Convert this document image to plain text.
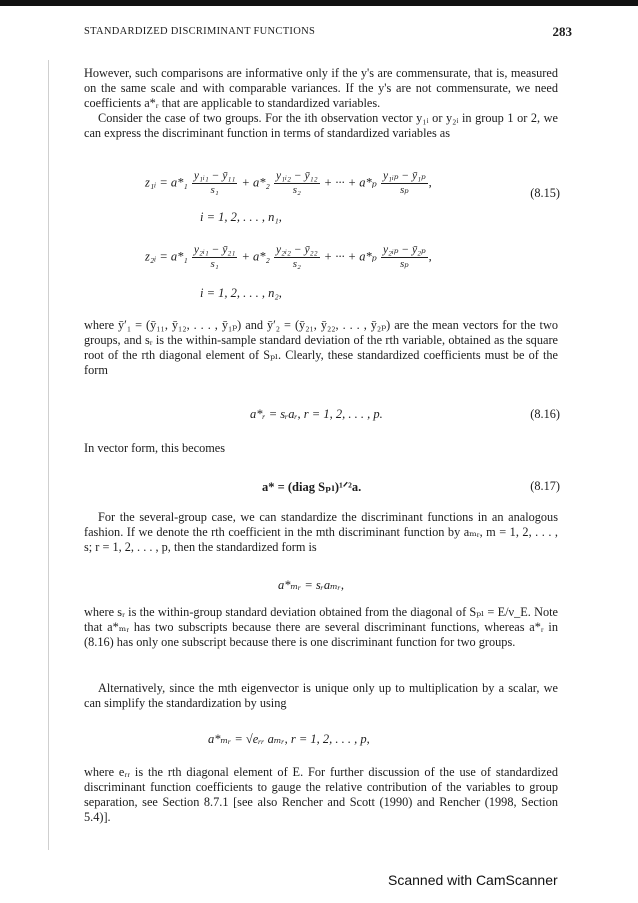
STANDARDIZED DISCRIMINANT FUNCTIONS	283
However, such comparisons are informative only if the y's are commensurate, that is, measured on the same scale and with comparable variances. If the y's are not commensurate, we need coefficients a*ᵣ that are applicable to standardized variables.
Consider the case of two groups. For the ith observation vector y₁ᵢ or y₂ᵢ in group 1 or 2, we can express the discriminant function in terms of standardized variables as
z₁ᵢ = $a*_1 \frac{\text{y₁ᵢ₁ − ȳ₁₁}}{\text{s₁}} + a*_2 \frac{\text{y₁ᵢ₂ − ȳ₁₂}}{\text{s₂}}$ + ··· + $a*_p \frac{\text{y₁ᵢₚ − ȳ₁ₚ}}{\text{sₚ}}$ ,
(8.15)
i = 1, 2, . . . , n₁,
z₂ᵢ = $a*_1 \frac{\text{y₂ᵢ₁ − ȳ₂₁}}{\text{s₁}} + a*_2 \frac{\text{y₂ᵢ₂ − ȳ₂₂}}{\text{s₂}}$ + ··· + $a*_p \frac{\text{y₂ᵢₚ − ȳ₂ₚ}}{\text{sₚ}}$ ,
i = 1, 2, . . . , n₂,
where ȳ′₁ = (ȳ₁₁, ȳ₁₂, . . . , ȳ₁ₚ) and ȳ′₂ = (ȳ₂₁, ȳ₂₂, . . . , ȳ₂ₚ) are the mean vectors for the two groups, and sᵣ is the within-sample standard deviation of the rth variable, obtained as the square root of the rth diagonal element of Sₚₗ. Clearly, these standardized coefficients must be of the form
a*ᵣ = sᵣaᵣ, r = 1, 2, . . . , p.	(8.16)
In vector form, this becomes
a* = (diag Sₚₗ)¹ᐟ²a.	(8.17)
For the several-group case, we can standardize the discriminant functions in an analogous fashion. If we denote the rth coefficient in the mth discriminant function by aₘᵣ, m = 1, 2, . . . , s; r = 1, 2, . . . , p, then the standardized form is
a*ₘᵣ = sᵣaₘᵣ,
where sᵣ is the within-group standard deviation obtained from the diagonal of Sₚₗ = E/ν_E. Note that a*ₘᵣ has two subscripts because there are several discriminant functions, whereas a*ᵣ in (8.16) has only one subscript because there is one discriminant function for two groups.
Alternatively, since the mth eigenvector is unique only up to multiplication by a scalar, we can simplify the standardization by using
a*ₘᵣ = √eᵣᵣ aₘᵣ, r = 1, 2, . . . , p,
where eᵣᵣ is the rth diagonal element of E. For further discussion of the use of standardized discriminant function coefficients to gauge the relative contribution of the variables to group separation, see Section 8.7.1 [see also Rencher and Scott (1990) and Rencher (1998, Section 5.4)].
Scanned with CamScanner
